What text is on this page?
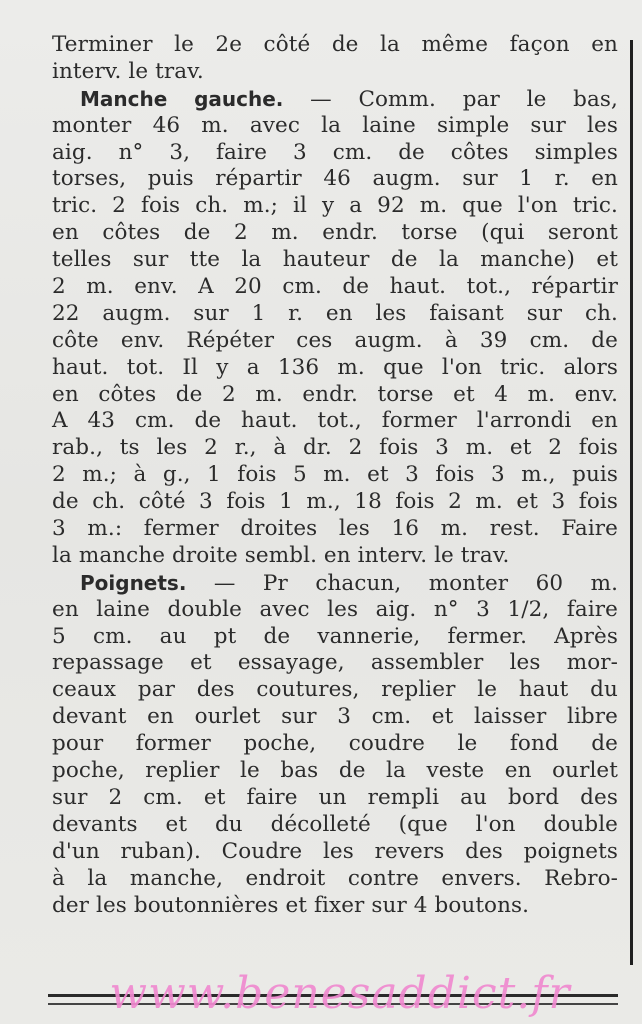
Terminer le 2e côté de la même façon en
interv. le trav.
Manche gauche. — Comm. par le bas,
monter 46 m. avec la laine simple sur les
aig. n° 3, faire 3 cm. de côtes simples
torses, puis répartir 46 augm. sur 1 r. en
tric. 2 fois ch. m.; il y a 92 m. que l'on tric.
en côtes de 2 m. endr. torse (qui seront
telles sur tte la hauteur de la manche) et
2 m. env. A 20 cm. de haut. tot., répartir
22 augm. sur 1 r. en les faisant sur ch.
côte env. Répéter ces augm. à 39 cm. de
haut. tot. Il y a 136 m. que l'on tric. alors
en côtes de 2 m. endr. torse et 4 m. env.
A 43 cm. de haut. tot., former l'arrondi en
rab., ts les 2 r., à dr. 2 fois 3 m. et 2 fois
2 m.; à g., 1 fois 5 m. et 3 fois 3 m., puis
de ch. côté 3 fois 1 m., 18 fois 2 m. et 3 fois
3 m.: fermer droites les 16 m. rest. Faire
la manche droite sembl. en interv. le trav.
Poignets. — Pr chacun, monter 60 m.
en laine double avec les aig. n° 3 1/2, faire
5 cm. au pt de vannerie, fermer. Après
repassage et essayage, assembler les mor-
ceaux par des coutures, replier le haut du
devant en ourlet sur 3 cm. et laisser libre
pour former poche, coudre le fond de
poche, replier le bas de la veste en ourlet
sur 2 cm. et faire un rempli au bord des
devants et du décolleté (que l'on double
d'un ruban). Coudre les revers des poignets
à la manche, endroit contre envers. Rebro-
der les boutonnières et fixer sur 4 boutons.
www.benesaddict.fr
